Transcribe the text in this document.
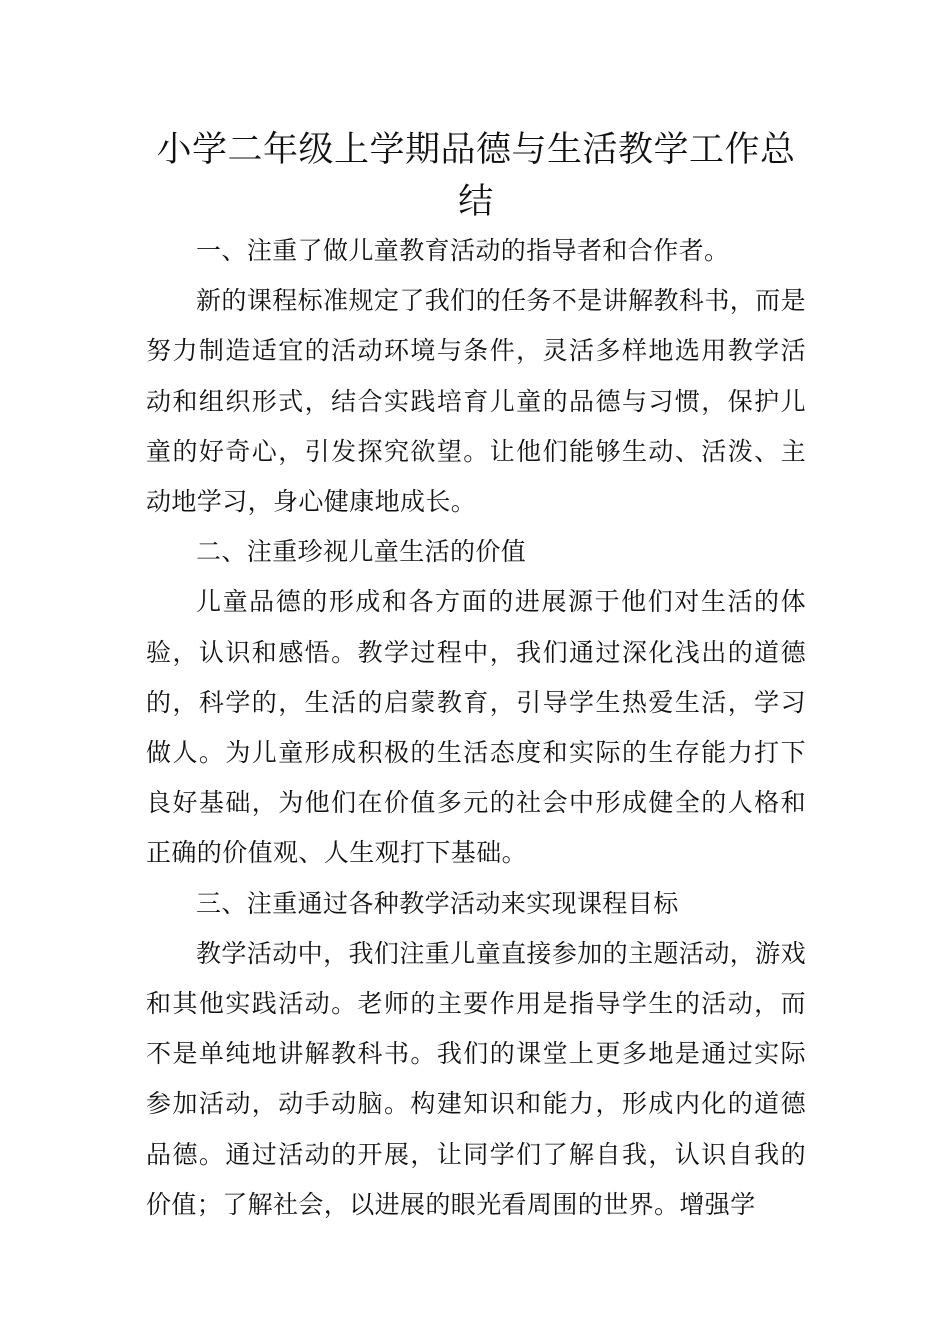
小学二年级上学期品德与生活教学工作总结

一、注重了做儿童教育活动的指导者和合作者。

新的课程标准规定了我们的任务不是讲解教科书，而是努力制造适宜的活动环境与条件，灵活多样地选用教学活动和组织形式，结合实践培育儿童的品德与习惯，保护儿童的好奇心，引发探究欲望。让他们能够生动、活泼、主动地学习，身心健康地成长。

二、注重珍视儿童生活的价值

儿童品德的形成和各方面的进展源于他们对生活的体验，认识和感悟。教学过程中，我们通过深化浅出的道德的，科学的，生活的启蒙教育，引导学生热爱生活，学习做人。为儿童形成积极的生活态度和实际的生存能力打下良好基础，为他们在价值多元的社会中形成健全的人格和正确的价值观、人生观打下基础。

三、注重通过各种教学活动来实现课程目标

教学活动中，我们注重儿童直接参加的主题活动，游戏和其他实践活动。老师的主要作用是指导学生的活动，而不是单纯地讲解教科书。我们的课堂上更多地是通过实际参加活动，动手动脑。构建知识和能力，形成内化的道德品德。通过活动的开展，让同学们了解自我，认识自我的价值；了解社会，以进展的眼光看周围的世界。增强学
